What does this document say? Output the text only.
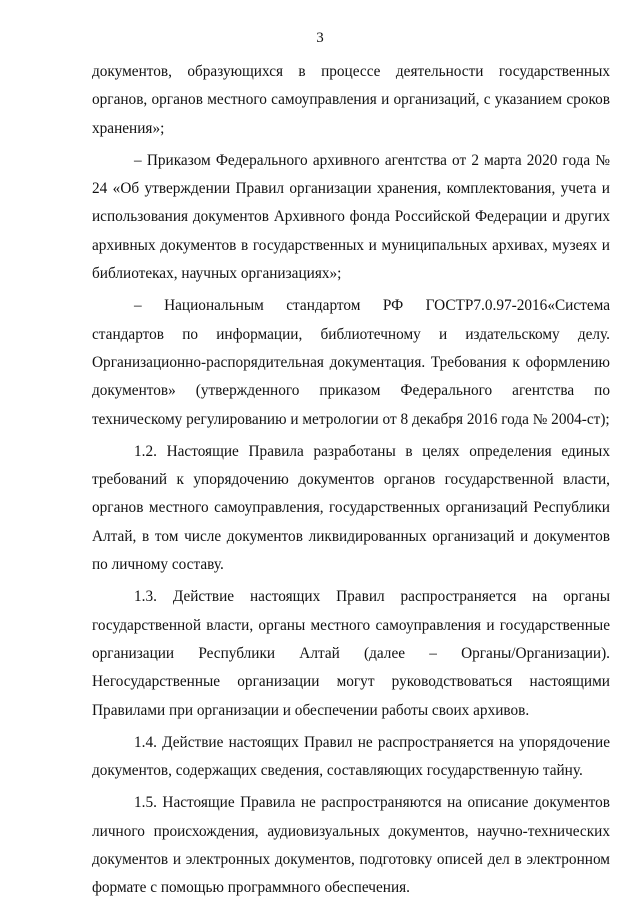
3

документов, образующихся в процессе деятельности государственных органов, органов местного самоуправления и организаций, с указанием сроков хранения»;

– Приказом Федерального архивного агентства от 2 марта 2020 года № 24 «Об утверждении Правил организации хранения, комплектования, учета и использования документов Архивного фонда Российской Федерации и других архивных документов в государственных и муниципальных архивах, музеях и библиотеках, научных организациях»;

– Национальным стандартом РФ ГОСТР7.0.97-2016«Система стандартов по информации, библиотечному и издательскому делу. Организационно-распорядительная документация. Требования к оформлению документов» (утвержденного приказом Федерального агентства по техническому регулированию и метрологии от 8 декабря 2016 года № 2004-ст);

1.2. Настоящие Правила разработаны в целях определения единых требований к упорядочению документов органов государственной власти, органов местного самоуправления, государственных организаций Республики Алтай, в том числе документов ликвидированных организаций и документов по личному составу.

1.3. Действие настоящих Правил распространяется на органы государственной власти, органы местного самоуправления и государственные организации Республики Алтай (далее – Органы/Организации). Негосударственные организации могут руководствоваться настоящими Правилами при организации и обеспечении работы своих архивов.

1.4. Действие настоящих Правил не распространяется на упорядочение документов, содержащих сведения, составляющих государственную тайну.

1.5. Настоящие Правила не распространяются на описание документов личного происхождения, аудиовизуальных документов, научно-технических документов и электронных документов, подготовку описей дел в электронном формате с помощью программного обеспечения.
